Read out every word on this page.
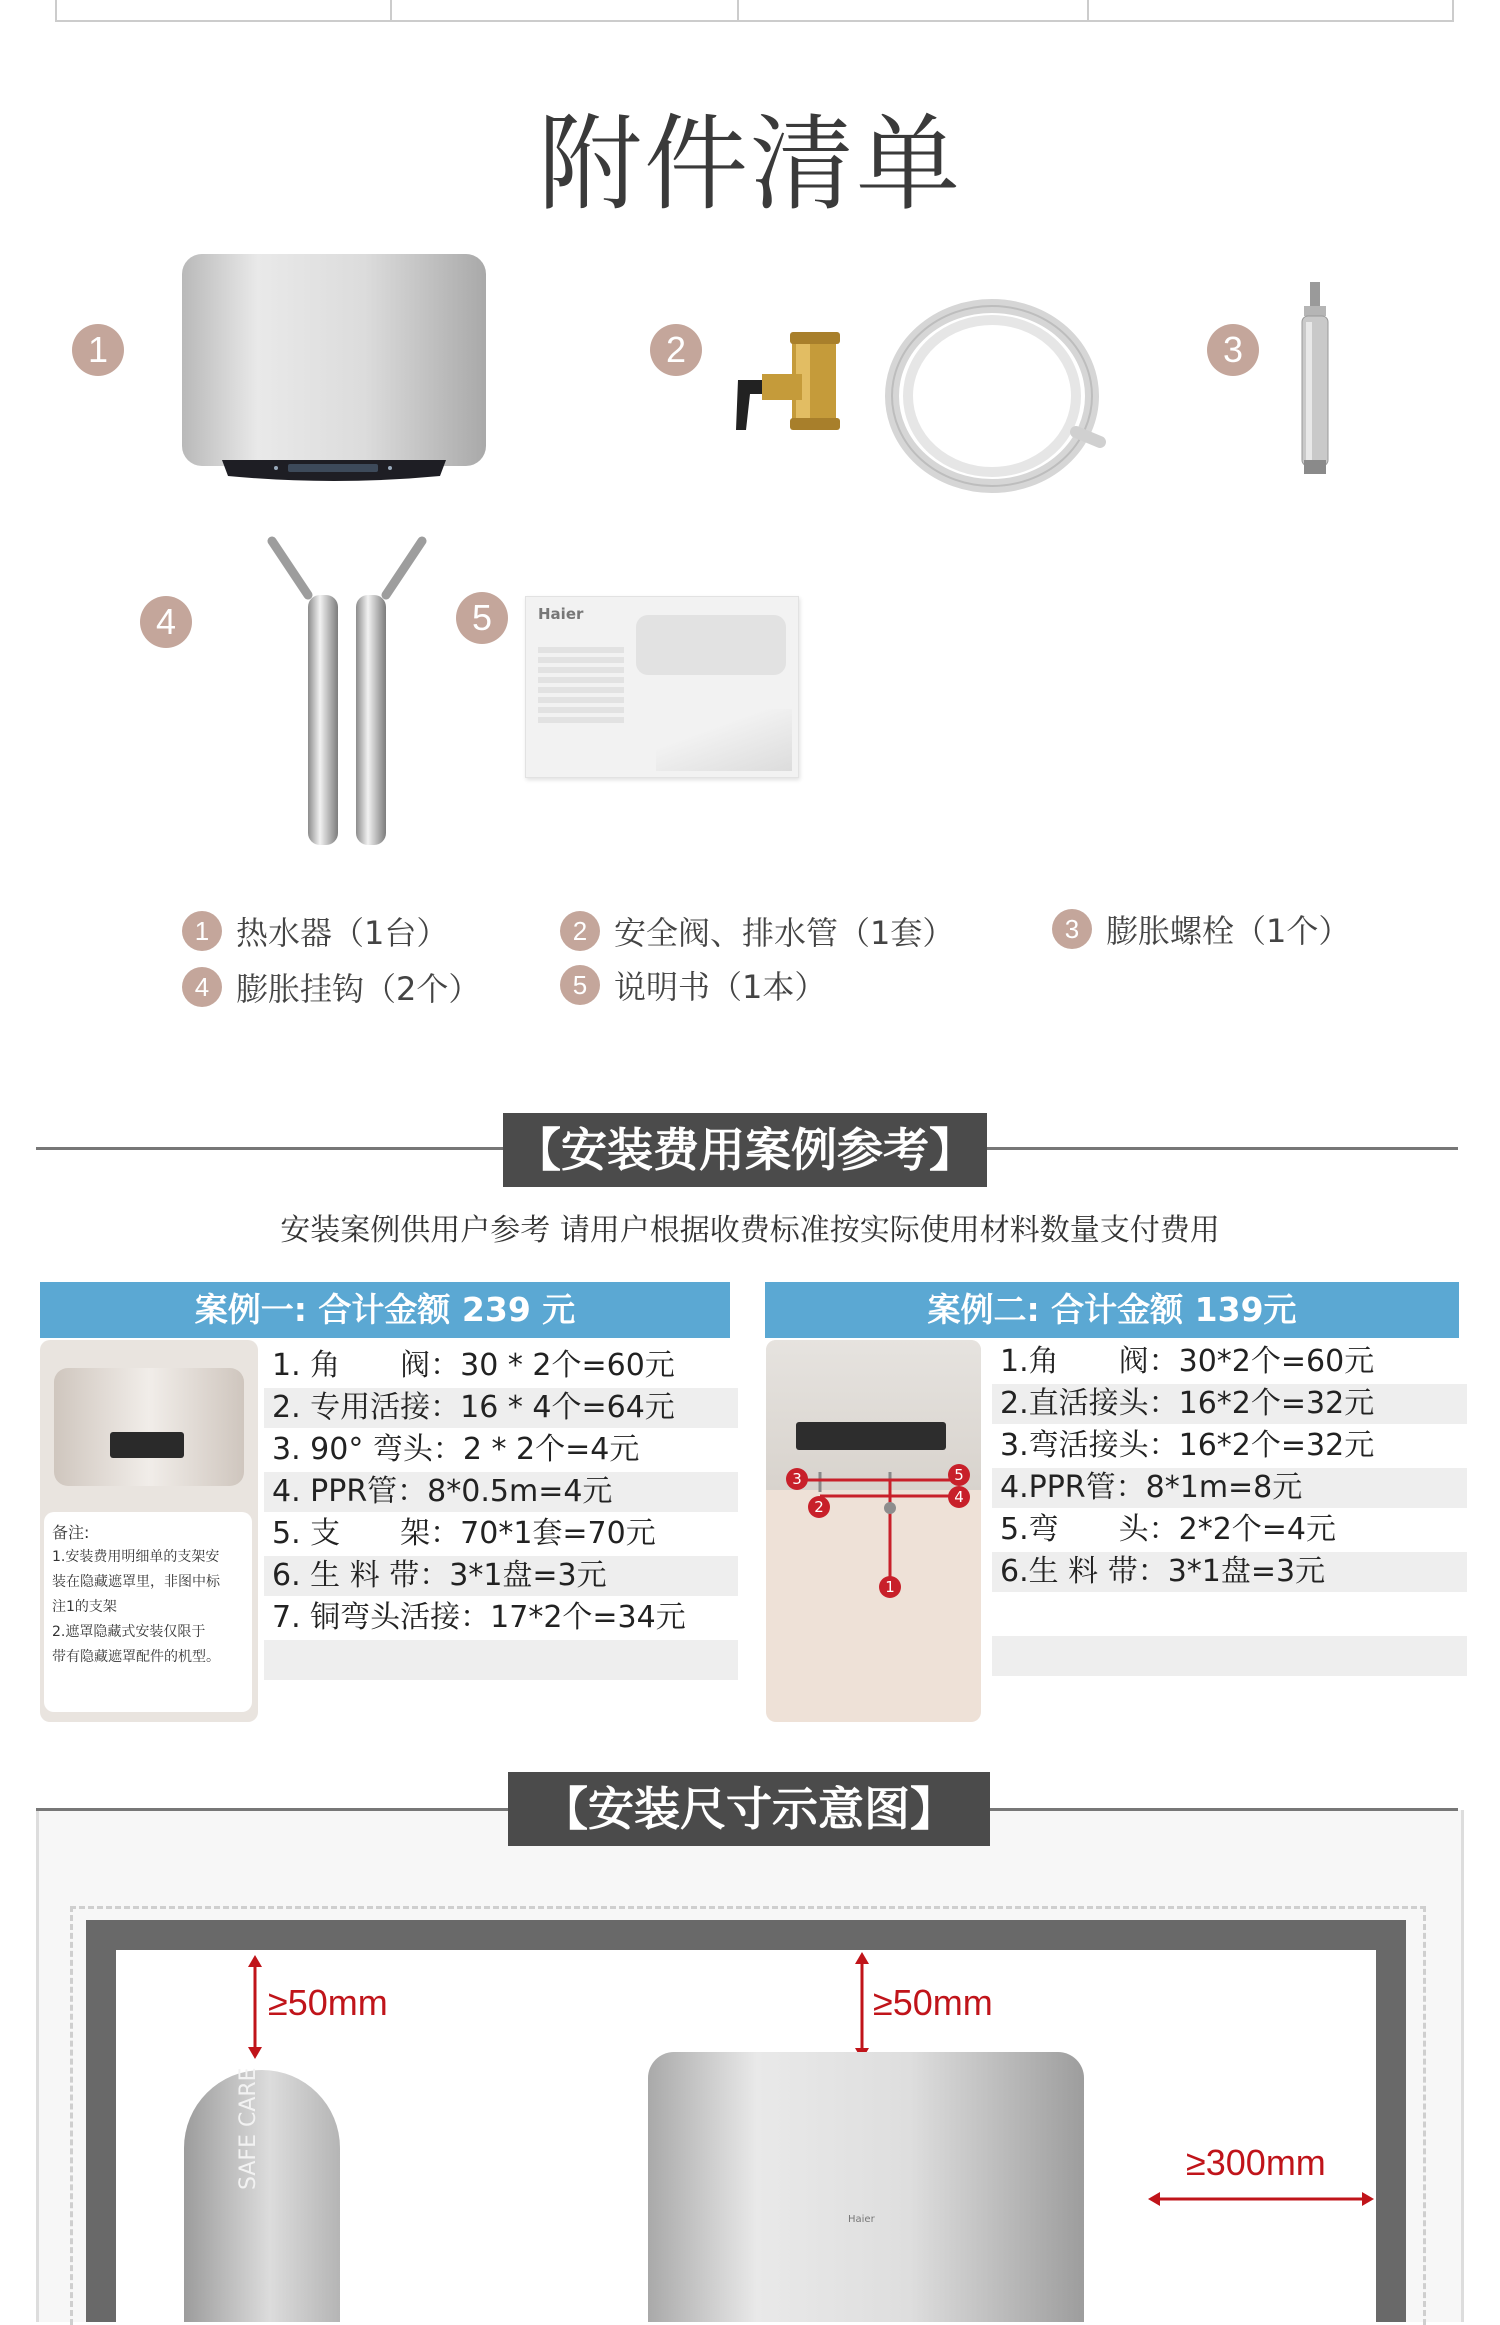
附件清单
1	2	3
4	5	Haier
1 热水器（1台）	2 安全阀、排水管（1套）	3 膨胀螺栓（1个）
4 膨胀挂钩（2个）	5 说明书（1本）
【安装费用案例参考】
安装案例供用户参考 请用户根据收费标准按实际使用材料数量支付费用
案例一: 合计金额 239 元
备注:
1.安装费用明细单的支架安
装在隐藏遮罩里，非图中标
注1的支架
2.遮罩隐藏式安装仅限于
带有隐藏遮罩配件的机型。
1. 角　　阀：30 * 2个=60元
2. 专用活接：16 * 4个=64元
3. 90° 弯头：2 * 2个=4元
4. PPR管：8*0.5m=4元
5. 支　　架：70*1套=70元
6. 生 料 带：3*1盘=3元
7. 铜弯头活接：17*2个=34元
案例二: 合计金额 139元
3
2
5
4
1
1.角　　阀：30*2个=60元
2.直活接头：16*2个=32元
3.弯活接头：16*2个=32元
4.PPR管：8*1m=8元
5.弯　　头：2*2个=4元
6.生 料 带：3*1盘=3元
【安装尺寸示意图】
≥50mm	≥50mm
≥300mm
Haier
SAFE CARE
